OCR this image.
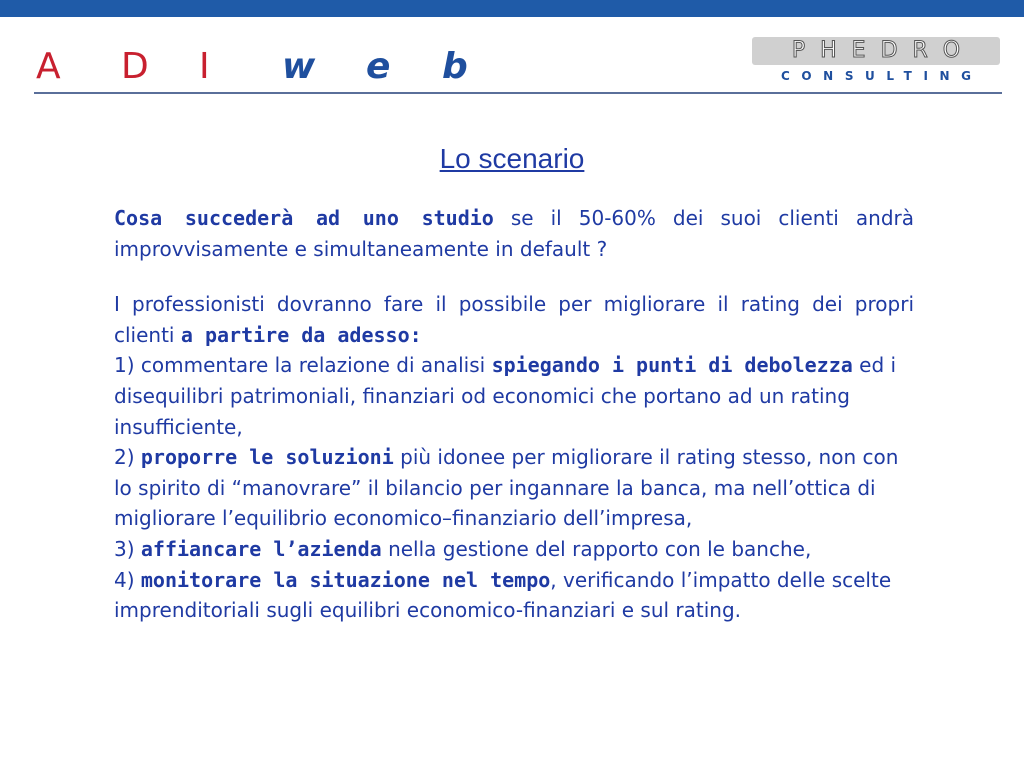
A D I w e b	PHEDRO
CONSULTING
Lo scenario

Cosa succederà ad uno studio se il 50-60% dei suoi clienti andrà improvvisamente e simultaneamente in default ?

I professionisti dovranno fare il possibile per migliorare il rating dei propri clienti a partire da adesso:

1) commentare la relazione di analisi spiegando i punti di debolezza ed i disequilibri patrimoniali, finanziari od economici che portano ad un rating insufficiente,

2) proporre le soluzioni più idonee per migliorare il rating stesso, non con lo spirito di “manovrare” il bilancio per ingannare la banca, ma nell’ottica di migliorare l’equilibrio economico–finanziario dell’impresa,

3) affiancare l’azienda nella gestione del rapporto con le banche,

4) monitorare la situazione nel tempo, verificando l’impatto delle scelte imprenditoriali sugli equilibri economico-finanziari e sul rating.
